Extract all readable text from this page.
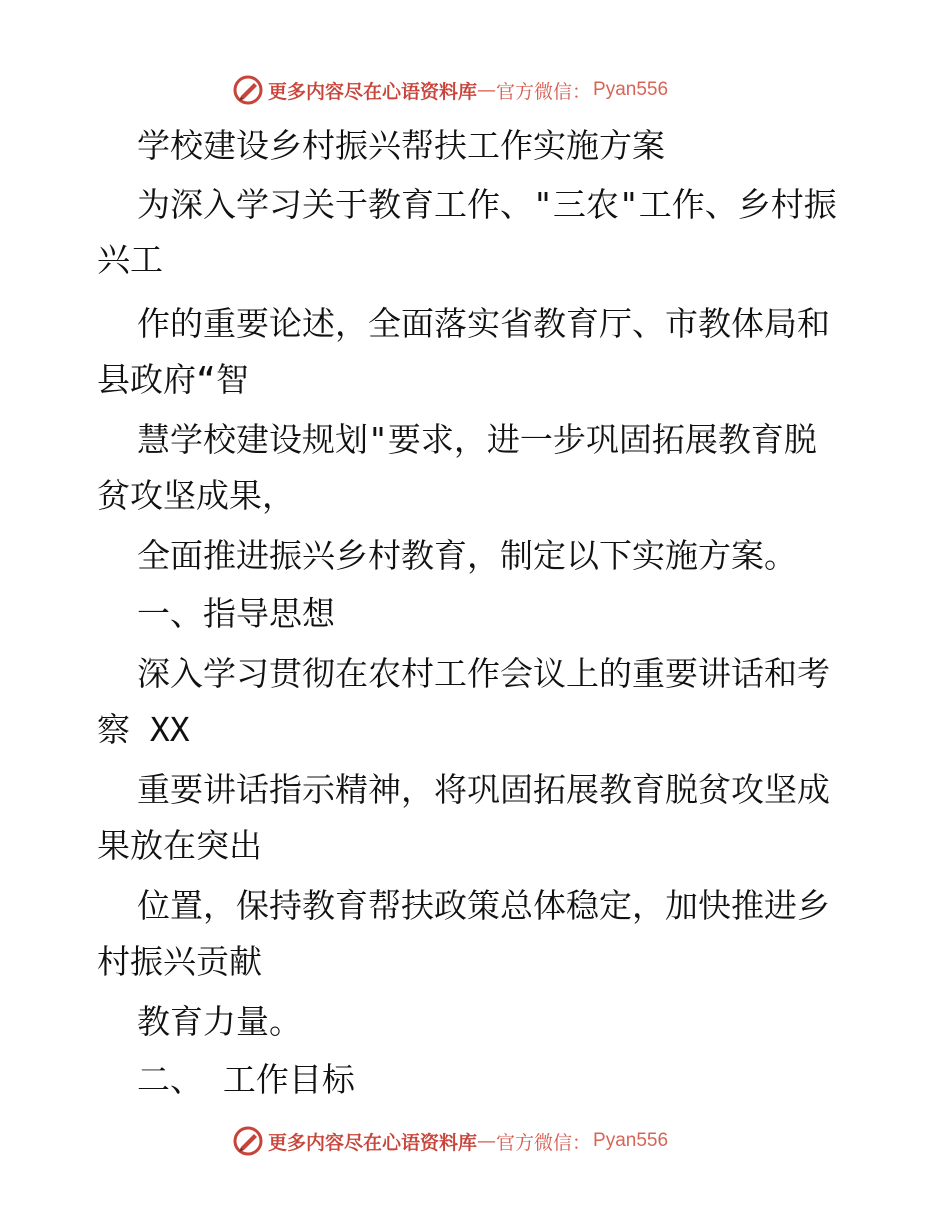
更多内容尽在心语资料库 — 官方微信： Pyan556
学校建设乡村振兴帮扶工作实施方案
为深入学习关于教育工作、"三农"工作、乡村振
兴工
作的重要论述，全面落实省教育厅、市教体局和
县政府“智
慧学校建设规划"要求，进一步巩固拓展教育脱
贫攻坚成果，
全面推进振兴乡村教育，制定以下实施方案。
一、指导思想
深入学习贯彻在农村工作会议上的重要讲话和考
察 XX
重要讲话指示精神，将巩固拓展教育脱贫攻坚成
果放在突出
位置，保持教育帮扶政策总体稳定，加快推进乡
村振兴贡献
教育力量。
二、 工作目标
更多内容尽在心语资料库 — 官方微信： Pyan556
